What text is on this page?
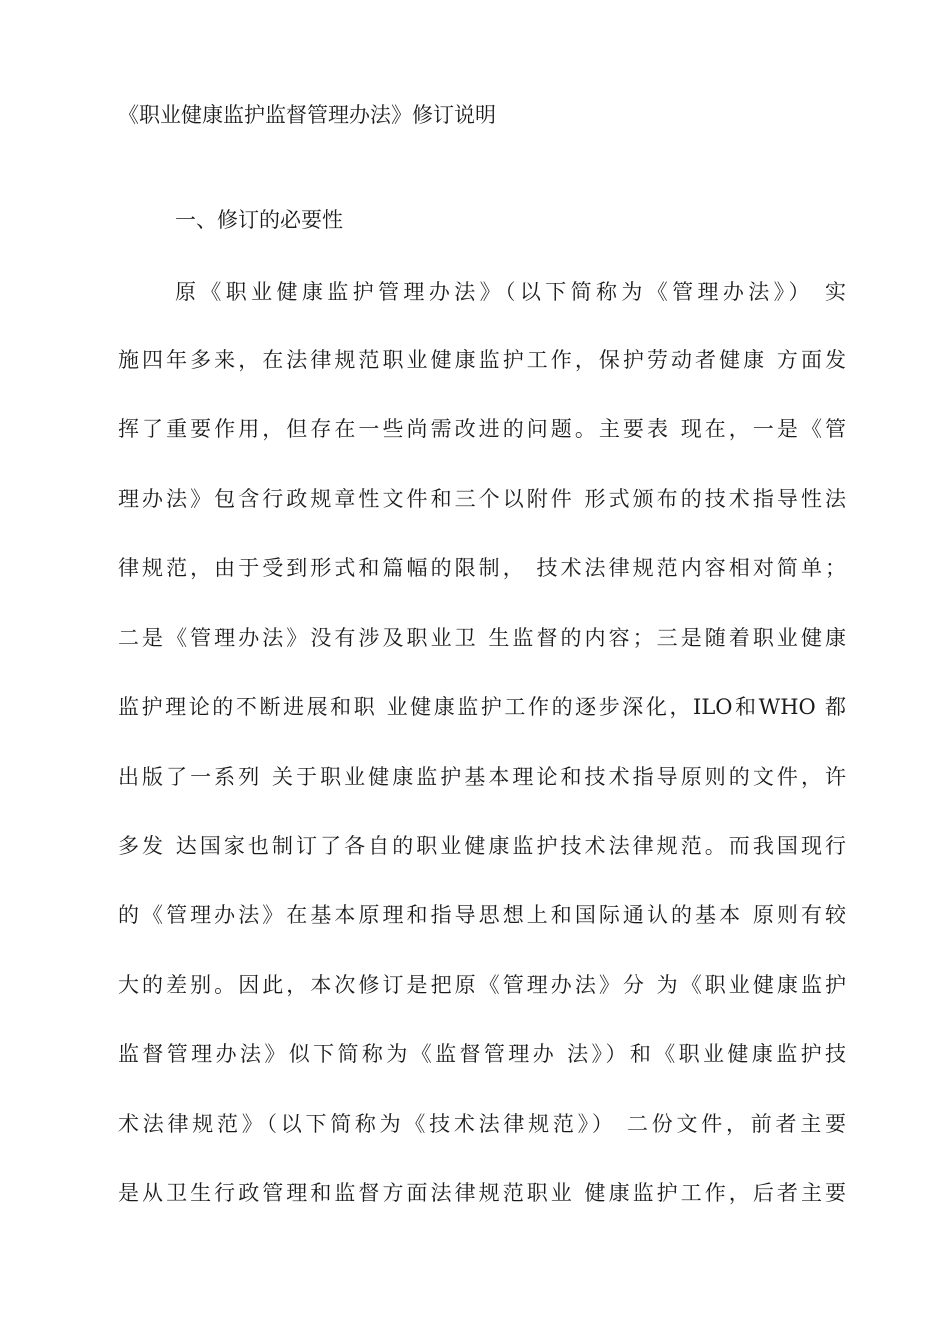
《职业健康监护监督管理办法》修订说明
一、修订的必要性
原《职业健康监护管理办法》（以下简称为《管理办法》） 实
施四年多来，在法律规范职业健康监护工作，保护劳动者健康 方面发
挥了重要作用，但存在一些尚需改进的问题。主要表 现在，一是《管
理办法》包含行政规章性文件和三个以附件 形式颁布的技术指导性法
律规范，由于受到形式和篇幅的限制， 技术法律规范内容相对简单；
二是《管理办法》没有涉及职业卫 生监督的内容；三是随着职业健康
监护理论的不断进展和职 业健康监护工作的逐步深化，ILO和WHO 都
出版了一系列 关于职业健康监护基本理论和技术指导原则的文件，许
多发 达国家也制订了各自的职业健康监护技术法律规范。而我国现行
的《管理办法》在基本原理和指导思想上和国际通认的基本 原则有较
大的差别。因此，本次修订是把原《管理办法》分 为《职业健康监护
监督管理办法》似下简称为《监督管理办 法》）和《职业健康监护技
术法律规范》（以下简称为《技术法律规范》） 二份文件，前者主要
是从卫生行政管理和监督方面法律规范职业 健康监护工作，后者主要
